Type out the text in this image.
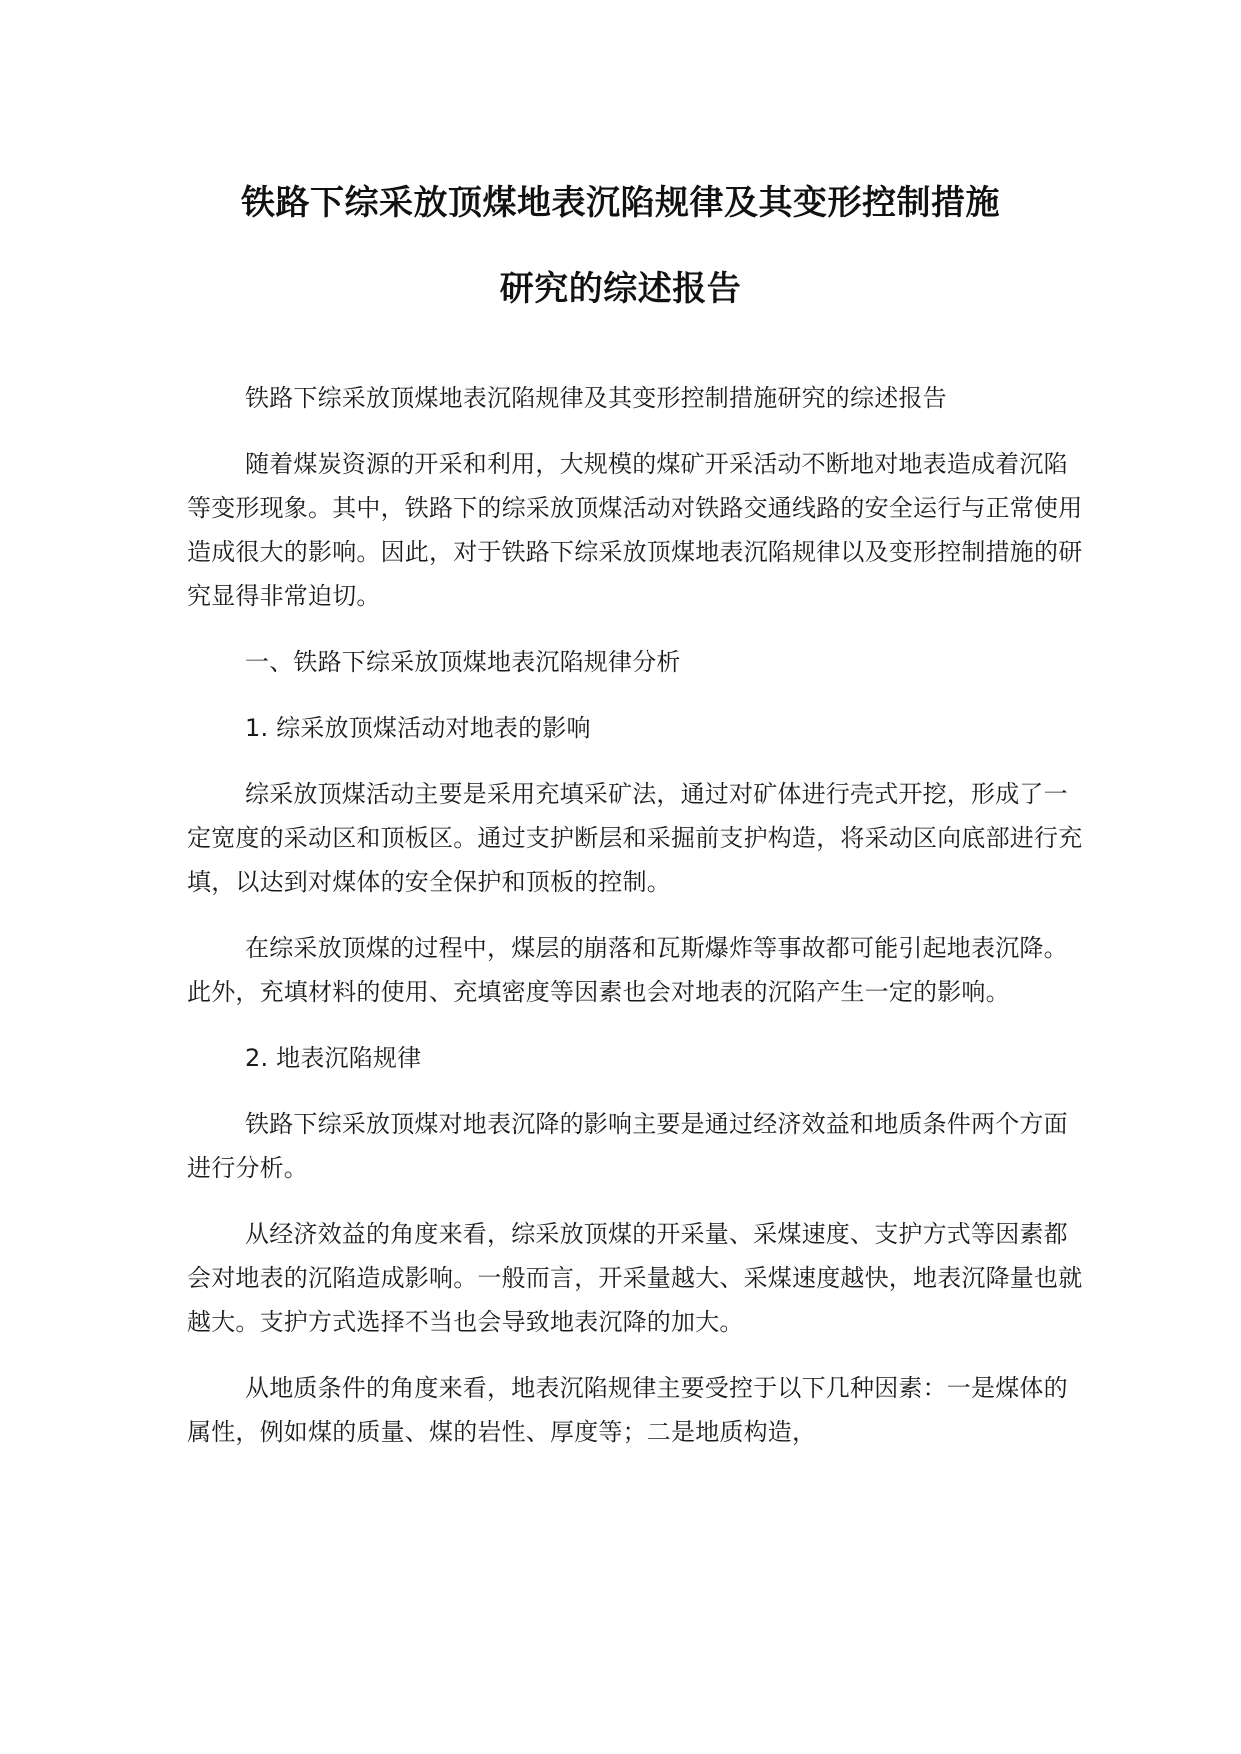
铁路下综采放顶煤地表沉陷规律及其变形控制措施
研究的综述报告

铁路下综采放顶煤地表沉陷规律及其变形控制措施研究的综述报告

随着煤炭资源的开采和利用，大规模的煤矿开采活动不断地对地表造成着沉陷等变形现象。其中，铁路下的综采放顶煤活动对铁路交通线路的安全运行与正常使用造成很大的影响。因此，对于铁路下综采放顶煤地表沉陷规律以及变形控制措施的研究显得非常迫切。

一、铁路下综采放顶煤地表沉陷规律分析

1. 综采放顶煤活动对地表的影响

综采放顶煤活动主要是采用充填采矿法，通过对矿体进行壳式开挖，形成了一定宽度的采动区和顶板区。通过支护断层和采掘前支护构造，将采动区向底部进行充填，以达到对煤体的安全保护和顶板的控制。

在综采放顶煤的过程中，煤层的崩落和瓦斯爆炸等事故都可能引起地表沉降。此外，充填材料的使用、充填密度等因素也会对地表的沉陷产生一定的影响。

2. 地表沉陷规律

铁路下综采放顶煤对地表沉降的影响主要是通过经济效益和地质条件两个方面进行分析。

从经济效益的角度来看，综采放顶煤的开采量、采煤速度、支护方式等因素都会对地表的沉陷造成影响。一般而言，开采量越大、采煤速度越快，地表沉降量也就越大。支护方式选择不当也会导致地表沉降的加大。

从地质条件的角度来看，地表沉陷规律主要受控于以下几种因素：一是煤体的属性，例如煤的质量、煤的岩性、厚度等；二是地质构造，
